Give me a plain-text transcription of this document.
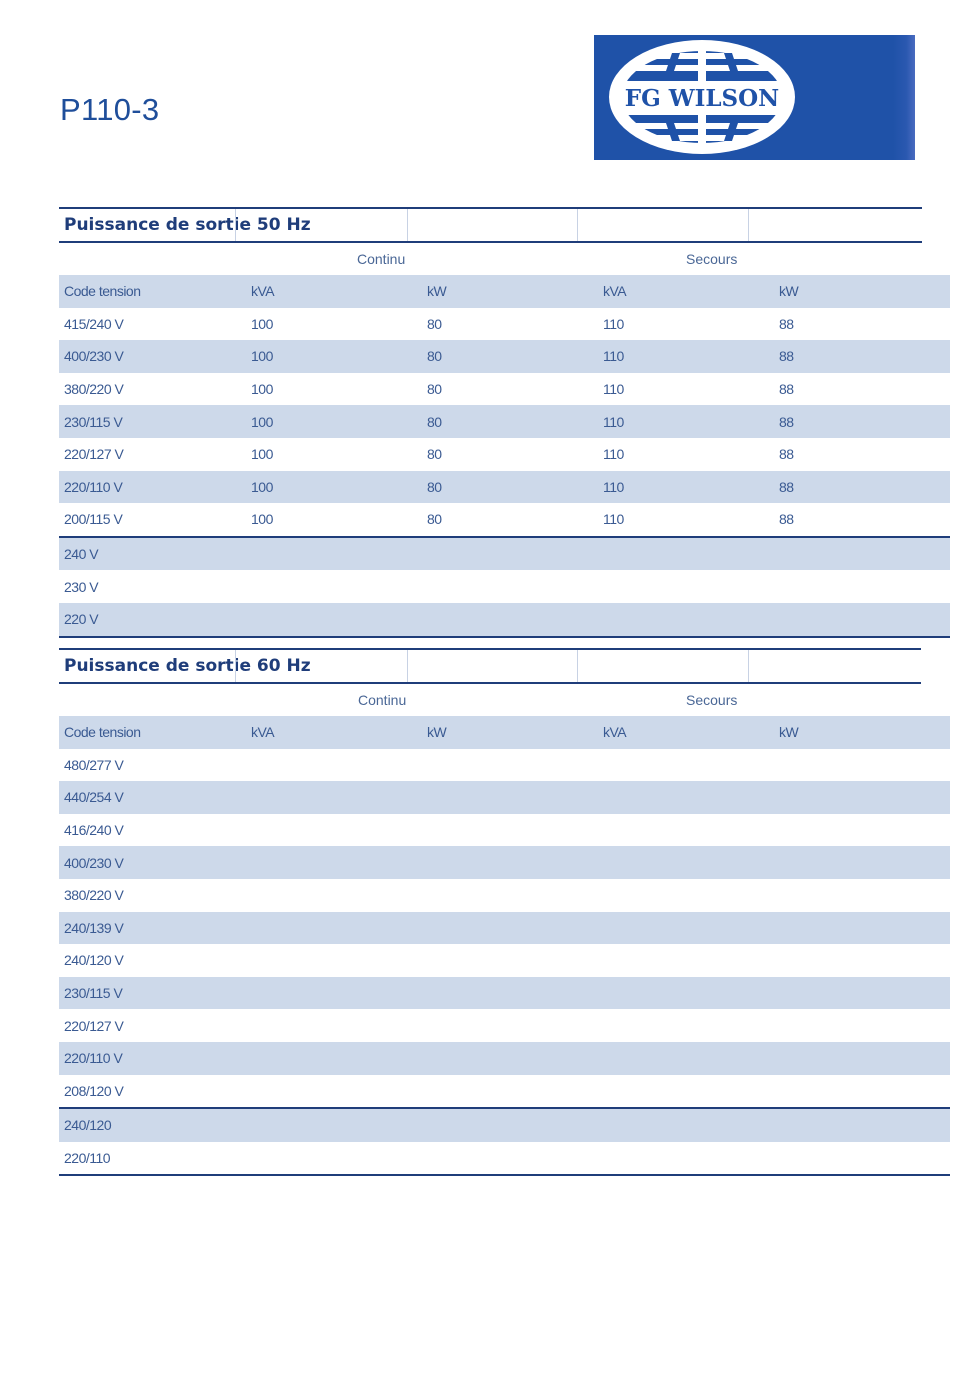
P110-3	FG WILSON
Puissance de sortie 50 Hz
Continu	Secours
Code tension	kVA	kW	kVA	kW
415/240 V	100	80	110	88
400/230 V	100	80	110	88
380/220 V	100	80	110	88
230/115 V	100	80	110	88
220/127 V	100	80	110	88
220/110 V	100	80	110	88
200/115 V	100	80	110	88
240 V				
230 V				
220 V				
Puissance de sortie 60 Hz
Continu	Secours
Code tension	kVA	kW	kVA	kW
480/277 V				
440/254 V				
416/240 V				
400/230 V				
380/220 V				
240/139 V				
240/120 V				
230/115 V				
220/127 V				
220/110 V				
208/120 V				
240/120				
220/110				
